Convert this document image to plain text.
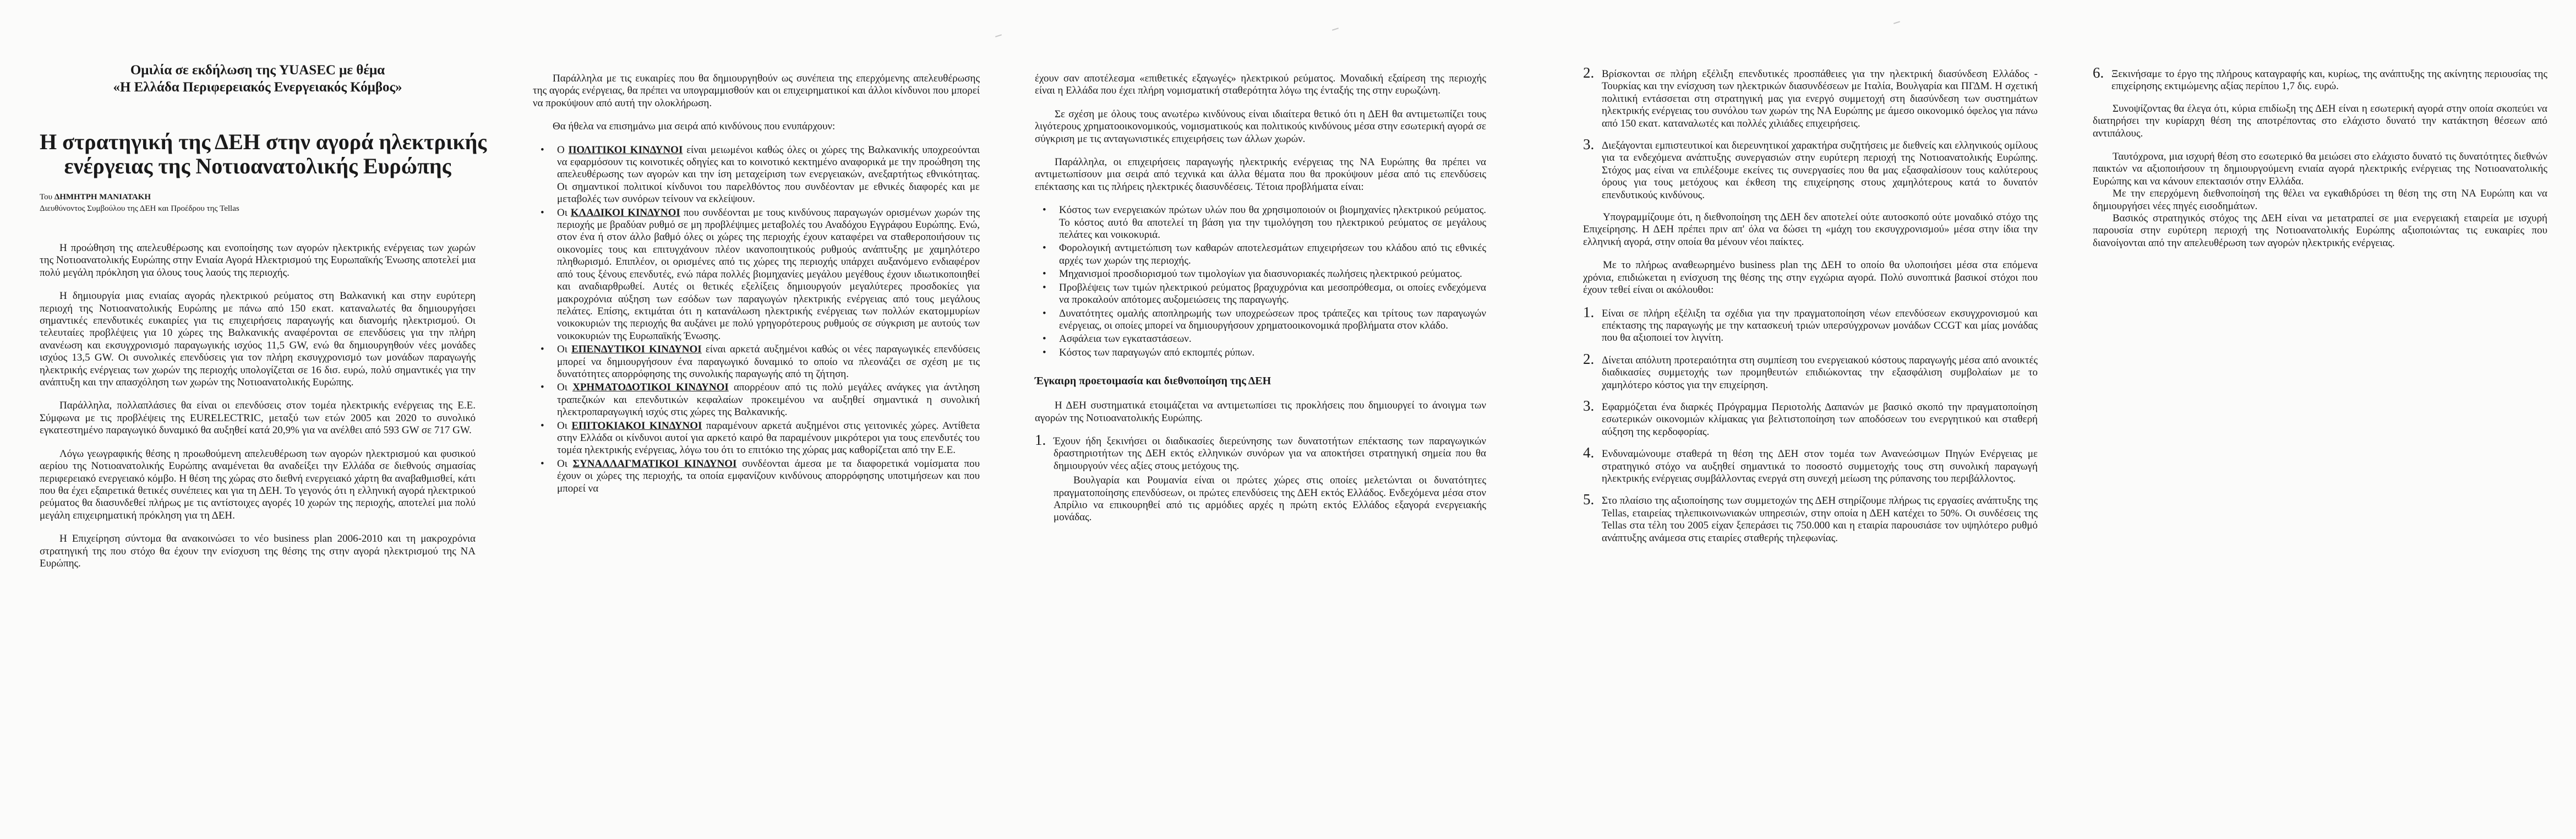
Ομιλία σε εκδήλωση της YUASEC με θέμα
«Η Ελλάδα Περιφερειακός Ενεργειακός Κόμβος»
Η στρατηγική της ΔΕΗ στην αγορά ηλεκτρικής
ενέργειας της Νοτιοανατολικής Ευρώπης
Του ΔΗΜΗΤΡΗ ΜΑΝΙΑΤΑΚΗ
Διευθύνοντος Συμβούλου της ΔΕΗ και Προέδρου της Tellas

Η προώθηση της απελευθέρωσης και ενοποίησης των αγορών ηλεκτρικής ενέργειας των χωρών της Νοτιοανατολικής Ευρώπης στην Ενιαία Αγορά Ηλεκτρισμού της Ευρωπαϊκής Ένωσης αποτελεί μια πολύ μεγάλη πρόκληση για όλους τους λαούς της περιοχής.

Η δημιουργία μιας ενιαίας αγοράς ηλεκτρικού ρεύματος στη Βαλκανική και στην ευρύτερη περιοχή της Νοτιοανατολικής Ευρώπης με πάνω από 150 εκατ. καταναλωτές θα δημιουργήσει σημαντικές επενδυτικές ευκαιρίες για τις επιχειρήσεις παραγωγής και διανομής ηλεκτρισμού. Οι τελευταίες προβλέψεις για 10 χώρες της Βαλκανικής αναφέρονται σε επενδύσεις για την πλήρη ανανέωση και εκσυγχρονισμό παραγωγικής ισχύος 11,5 GW, ενώ θα δημιουργηθούν νέες μονάδες ισχύος 13,5 GW. Οι συνολικές επενδύσεις για τον πλήρη εκσυγχρονισμό των μονάδων παραγωγής ηλεκτρικής ενέργειας των χωρών της περιοχής υπολογίζεται σε 16 δισ. ευρώ, πολύ σημαντικές για την ανάπτυξη και την απασχόληση των χωρών της Νοτιοανατολικής Ευρώπης.

Παράλληλα, πολλαπλάσιες θα είναι οι επενδύσεις στον τομέα ηλεκτρικής ενέργειας της Ε.Ε. Σύμφωνα με τις προβλέψεις της EURELECTRIC, μεταξύ των ετών 2005 και 2020 το συνολικό εγκατεστημένο παραγωγικό δυναμικό θα αυξηθεί κατά 20,9% για να ανέλθει από 593 GW σε 717 GW.

Λόγω γεωγραφικής θέσης η προωθούμενη απελευθέρωση των αγορών ηλεκτρισμού και φυσικού αερίου της Νοτιοανατολικής Ευρώπης αναμένεται θα αναδείξει την Ελλάδα σε διεθνούς σημασίας περιφερειακό ενεργειακό κόμβο. Η θέση της χώρας στο διεθνή ενεργειακό χάρτη θα αναβαθμισθεί, κάτι που θα έχει εξαιρετικά θετικές συνέπειες και για τη ΔΕΗ. Το γεγονός ότι η ελληνική αγορά ηλεκτρικού ρεύματος θα διασυνδεθεί πλήρως με τις αντίστοιχες αγορές 10 χωρών της περιοχής, αποτελεί μια πολύ μεγάλη επιχειρηματική πρόκληση για τη ΔΕΗ.

Η Επιχείρηση σύντομα θα ανακοινώσει το νέο business plan 2006-2010 και τη μακροχρόνια στρατηγική της που στόχο θα έχουν την ενίσχυση της θέσης της στην αγορά ηλεκτρισμού της ΝΑ Ευρώπης.

Παράλληλα με τις ευκαιρίες που θα δημιουργηθούν ως συνέπεια της επερχόμενης απελευθέρωσης της αγοράς ενέργειας, θα πρέπει να υπογραμμισθούν και οι επιχειρηματικοί και άλλοι κίνδυνοι που μπορεί να προκύψουν από αυτή την ολοκλήρωση.

Θα ήθελα να επισημάνω μια σειρά από κινδύνους που ενυπάρχουν:

• Ο ΠΟΛΙΤΙΚΟΙ ΚΙΝΔΥΝΟΙ είναι μειωμένοι καθώς όλες οι χώρες της Βαλκανικής υποχρεούνται να εφαρμόσουν τις κοινοτικές οδηγίες και το κοινοτικό κεκτημένο αναφορικά με την προώθηση της απελευθέρωσης των αγορών και την ίση μεταχείριση των ενεργειακών, ανεξαρτήτως εθνικότητας. Οι σημαντικοί πολιτικοί κίνδυνοι του παρελθόντος που συνδέονταν με εθνικές διαφορές και με μεταβολές των συνόρων τείνουν να εκλείψουν.
• Οι ΚΛΑΔΙΚΟΙ ΚΙΝΔΥΝΟΙ που συνδέονται με τους κινδύνους παραγωγών ορισμένων χωρών της περιοχής με βραδύαν ρυθμό σε μη προβλέψιμες μεταβολές του Αναδόχου Εγγράφου Ευρώπης. Ενώ, στον ένα ή στον άλλο βαθμό όλες οι χώρες της περιοχής έχουν καταφέρει να σταθεροποιήσουν τις οικονομίες τους και επιτυγχάνουν πλέον ικανοποιητικούς ρυθμούς ανάπτυξης με χαμηλότερο πληθωρισμό. Επιπλέον, οι ορισμένες από τις χώρες της περιοχής υπάρχει αυξανόμενο ενδιαφέρον από τους ξένους επενδυτές, ενώ πάρα πολλές βιομηχανίες μεγάλου μεγέθους έχουν ιδιωτικοποιηθεί και αναδιαρθρωθεί. Αυτές οι θετικές εξελίξεις δημιουργούν μεγαλύτερες προσδοκίες για μακροχρόνια αύξηση των εσόδων των παραγωγών ηλεκτρικής ενέργειας από τους μεγάλους πελάτες. Επίσης, εκτιμάται ότι η κατανάλωση ηλεκτρικής ενέργειας των πολλών εκατομμυρίων νοικοκυριών της περιοχής θα αυξάνει με πολύ γρηγορότερους ρυθμούς σε σύγκριση με αυτούς των νοικοκυριών της Ευρωπαϊκής Ένωσης.
• Οι ΕΠΕΝΔΥΤΙΚΟΙ ΚΙΝΔΥΝΟΙ είναι αρκετά αυξημένοι καθώς οι νέες παραγωγικές επενδύσεις μπορεί να δημιουργήσουν ένα παραγωγικό δυναμικό το οποίο να πλεονάζει σε σχέση με τις δυνατότητες απορρόφησης της συνολικής παραγωγής από τη ζήτηση.
• Οι ΧΡΗΜΑΤΟΔΟΤΙΚΟΙ ΚΙΝΔΥΝΟΙ απορρέουν από τις πολύ μεγάλες ανάγκες για άντληση τραπεζικών και επενδυτικών κεφαλαίων προκειμένου να αυξηθεί σημαντικά η συνολική ηλεκτροπαραγωγική ισχύς στις χώρες της Βαλκανικής.
• Οι ΕΠΙΤΟΚΙΑΚΟΙ ΚΙΝΔΥΝΟΙ παραμένουν αρκετά αυξημένοι στις γειτονικές χώρες. Αντίθετα στην Ελλάδα οι κίνδυνοι αυτοί για αρκετό καιρό θα παραμένουν μικρότεροι για τους επενδυτές του τομέα ηλεκτρικής ενέργειας, λόγω του ότι το επιτόκιο της χώρας μας καθορίζεται από την Ε.Ε.
• Οι ΣΥΝΑΛΛΑΓΜΑΤΙΚΟΙ ΚΙΝΔΥΝΟΙ συνδέονται άμεσα με τα διαφορετικά νομίσματα που έχουν οι χώρες της περιοχής, τα οποία εμφανίζουν κινδύνους απορρόφησης υποτιμήσεων και που μπορεί να

έχουν σαν αποτέλεσμα «επιθετικές εξαγωγές» ηλεκτρικού ρεύματος. Μοναδική εξαίρεση της περιοχής είναι η Ελλάδα που έχει πλήρη νομισματική σταθερότητα λόγω της ένταξής της στην ευρωζώνη.

Σε σχέση με όλους τους ανωτέρω κινδύνους είναι ιδιαίτερα θετικό ότι η ΔΕΗ θα αντιμετωπίζει τους λιγότερους χρηματοοικονομικούς, νομισματικούς και πολιτικούς κινδύνους μέσα στην εσωτερική αγορά σε σύγκριση με τις ανταγωνιστικές επιχειρήσεις των άλλων χωρών.

Παράλληλα, οι επιχειρήσεις παραγωγής ηλεκτρικής ενέργειας της ΝΑ Ευρώπης θα πρέπει να αντιμετωπίσουν μια σειρά από τεχνικά και άλλα θέματα που θα προκύψουν μέσα από τις επενδύσεις επέκτασης και τις πλήρεις ηλεκτρικές διασυνδέσεις. Τέτοια προβλήματα είναι:

• Κόστος των ενεργειακών πρώτων υλών που θα χρησιμοποιούν οι βιομηχανίες ηλεκτρικού ρεύματος. Το κόστος αυτό θα αποτελεί τη βάση για την τιμολόγηση του ηλεκτρικού ρεύματος σε μεγάλους πελάτες και νοικοκυριά.
• Φορολογική αντιμετώπιση των καθαρών αποτελεσμάτων επιχειρήσεων του κλάδου από τις εθνικές αρχές των χωρών της περιοχής.
• Μηχανισμοί προσδιορισμού των τιμολογίων για διασυνοριακές πωλήσεις ηλεκτρικού ρεύματος.
• Προβλέψεις των τιμών ηλεκτρικού ρεύματος βραχυχρόνια και μεσοπρόθεσμα, οι οποίες ενδεχόμενα να προκαλούν απότομες αυξομειώσεις της παραγωγής.
• Δυνατότητες ομαλής αποπληρωμής των υποχρεώσεων προς τράπεζες και τρίτους των παραγωγών ενέργειας, οι οποίες μπορεί να δημιουργήσουν χρηματοοικονομικά προβλήματα στον κλάδο.
• Ασφάλεια των εγκαταστάσεων.
• Κόστος των παραγωγών από εκπομπές ρύπων.
Έγκαιρη προετοιμασία και διεθνοποίηση της ΔΕΗ

Η ΔΕΗ συστηματικά ετοιμάζεται να αντιμετωπίσει τις προκλήσεις που δημιουργεί το άνοιγμα των αγορών της Νοτιοανατολικής Ευρώπης.

1. Έχουν ήδη ξεκινήσει οι διαδικασίες διερεύνησης των δυνατοτήτων επέκτασης των παραγωγικών δραστηριοτήτων της ΔΕΗ εκτός ελληνικών συνόρων για να αποκτήσει στρατηγική σημεία που θα δημιουργούν νέες αξίες στους μετόχους της.

Βουλγαρία και Ρουμανία είναι οι πρώτες χώρες στις οποίες μελετώνται οι δυνατότητες πραγματοποίησης επενδύσεων, οι πρώτες επενδύσεις της ΔΕΗ εκτός Ελλάδος. Ενδεχόμενα μέσα στον Απρίλιο να επικουρηθεί από τις αρμόδιες αρχές η πρώτη εκτός Ελλάδος εξαγορά ενεργειακής μονάδας.

2. Βρίσκονται σε πλήρη εξέλιξη επενδυτικές προσπάθειες για την ηλεκτρική διασύνδεση Ελλάδος - Τουρκίας και την ενίσχυση των ηλεκτρικών διασυνδέσεων με Ιταλία, Βουλγαρία και ΠΓΔΜ. Η σχετική πολιτική εντάσσεται στη στρατηγική μας για ενεργό συμμετοχή στη διασύνδεση των συστημάτων ηλεκτρικής ενέργειας του συνόλου των χωρών της ΝΑ Ευρώπης με άμεσο οικονομικό όφελος για πάνω από 150 εκατ. καταναλωτές και πολλές χιλιάδες επιχειρήσεις.
3. Διεξάγονται εμπιστευτικοί και διερευνητικοί χαρακτήρα συζητήσεις με διεθνείς και ελληνικούς ομίλους για τα ενδεχόμενα ανάπτυξης συνεργασιών στην ευρύτερη περιοχή της Νοτιοανατολικής Ευρώπης. Στόχος μας είναι να επιλέξουμε εκείνες τις συνεργασίες που θα μας εξασφαλίσουν τους καλύτερους όρους για τους μετόχους και έκθεση της επιχείρησης στους χαμηλότερους κατά το δυνατόν επενδυτικούς κινδύνους.

Υπογραμμίζουμε ότι, η διεθνοποίηση της ΔΕΗ δεν αποτελεί ούτε αυτοσκοπό ούτε μοναδικό στόχο της Επιχείρησης. Η ΔΕΗ πρέπει πριν απ' όλα να δώσει τη «μάχη του εκσυγχρονισμού» μέσα στην ίδια την ελληνική αγορά, στην οποία θα μένουν νέοι παίκτες.

Με το πλήρως αναθεωρημένο business plan της ΔΕΗ το οποίο θα υλοποιήσει μέσα στα επόμενα χρόνια, επιδιώκεται η ενίσχυση της θέσης της στην εγχώρια αγορά. Πολύ συνοπτικά βασικοί στόχοι που έχουν τεθεί είναι οι ακόλουθοι:

1. Είναι σε πλήρη εξέλιξη τα σχέδια για την πραγματοποίηση νέων επενδύσεων εκσυγχρονισμού και επέκτασης της παραγωγής με την κατασκευή τριών υπερσύγχρονων μονάδων CCGT και μίας μονάδας που θα αξιοποιεί τον λιγνίτη.
2. Δίνεται απόλυτη προτεραιότητα στη συμπίεση του ενεργειακού κόστους παραγωγής μέσα από ανοικτές διαδικασίες συμμετοχής των προμηθευτών επιδιώκοντας την εξασφάλιση συμβολαίων με το χαμηλότερο κόστος για την επιχείρηση.
3. Εφαρμόζεται ένα διαρκές Πρόγραμμα Περιοτολής Δαπανών με βασικό σκοπό την πραγματοποίηση εσωτερικών οικονομιών κλίμακας για βελτιστοποίηση των αποδόσεων του ενεργητικού και σταθερή αύξηση της κερδοφορίας.
4. Ενδυναμώνουμε σταθερά τη θέση της ΔΕΗ στον τομέα των Ανανεώσιμων Πηγών Ενέργειας με στρατηγικό στόχο να αυξηθεί σημαντικά το ποσοστό συμμετοχής τους στη συνολική παραγωγή ηλεκτρικής ενέργειας συμβάλλοντας ενεργά στη συνεχή μείωση της ρύπανσης του περιβάλλοντος.
5. Στο πλαίσιο της αξιοποίησης των συμμετοχών της ΔΕΗ στηρίζουμε πλήρως τις εργασίες ανάπτυξης της Tellas, εταιρείας τηλεπικοινωνιακών υπηρεσιών, στην οποία η ΔΕΗ κατέχει το 50%. Οι συνδέσεις της Tellas στα τέλη του 2005 είχαν ξεπεράσει τις 750.000 και η εταιρία παρουσιάσε τον υψηλότερο ρυθμό ανάπτυξης ανάμεσα στις εταιρίες σταθερής τηλεφωνίας.
6. Ξεκινήσαμε το έργο της πλήρους καταγραφής και, κυρίως, της ανάπτυξης της ακίνητης περιουσίας της επιχείρησης εκτιμώμενης αξίας περίπου 1,7 δις. ευρώ.

Συνοψίζοντας θα έλεγα ότι, κύρια επιδίωξη της ΔΕΗ είναι η εσωτερική αγορά στην οποία σκοπεύει να διατηρήσει την κυρίαρχη θέση της αποτρέποντας στο ελάχιστο δυνατό την κατάκτηση θέσεων από αντιπάλους.

Ταυτόχρονα, μια ισχυρή θέση στο εσωτερικό θα μειώσει στο ελάχιστο δυνατό τις δυνατότητες διεθνών παικτών να αξιοποιήσουν τη δημιουργούμενη ενιαία αγορά ηλεκτρικής ενέργειας της Νοτιοανατολικής Ευρώπης και να κάνουν επεκτασιόν στην Ελλάδα.

Με την επερχόμενη διεθνοποίησή της θέλει να εγκαθιδρύσει τη θέση της στη ΝΑ Ευρώπη και να δημιουργήσει νέες πηγές εισοδημάτων.

Βασικός στρατηγικός στόχος της ΔΕΗ είναι να μετατραπεί σε μια ενεργειακή εταιρεία με ισχυρή παρουσία στην ευρύτερη περιοχή της Νοτιοανατολικής Ευρώπης αξιοποιώντας τις ευκαιρίες που διανοίγονται από την απελευθέρωση των αγορών ηλεκτρικής ενέργειας.
